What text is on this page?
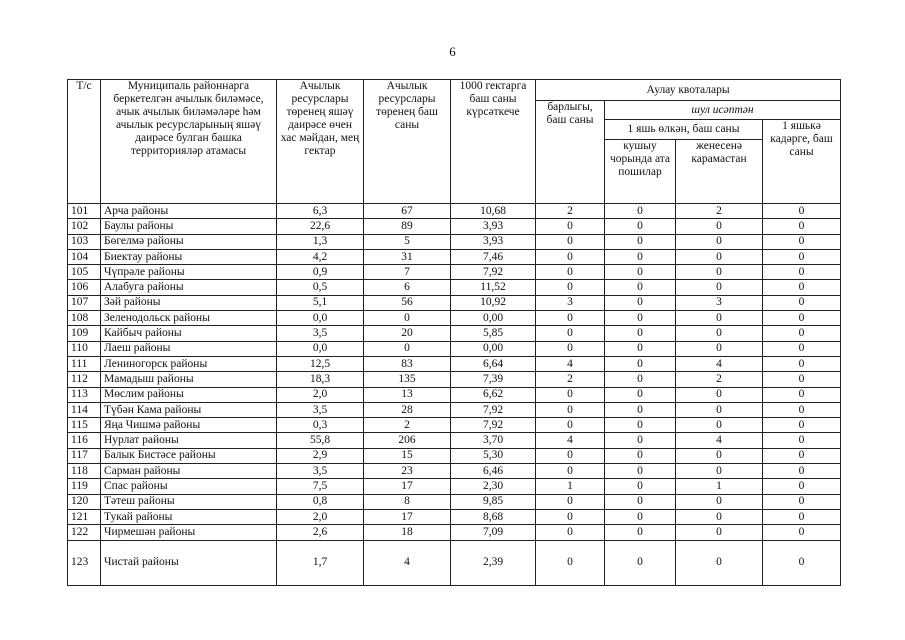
6
Т/с	Муниципаль районнарга беркетелгән ачылык биләмәсе, ачык ачылык биләмәләре һәм ачылык ресурсларының яшәү даирәсе булган башка территорияләр атамасы	Ачылык ресурслары төренең яшәү даирәсе өчен хас мәйдан, мең гектар	Ачылык ресурслары төренең баш саны	1000 гектарга баш саны күрсәткече	Аулау квоталары			
					барлыгы, баш саны	шул исәптән		
						1 яшь өлкән, баш саны		1 яшькә кадәрге, баш саны
						кушыу чорында ата пошилар	женесенә карамастан	
101	Арча районы	6,3	67	10,68	2	0	2	0
102	Баулы районы	22,6	89	3,93	0	0	0	0
103	Бөгелмә районы	1,3	5	3,93	0	0	0	0
104	Биектау районы	4,2	31	7,46	0	0	0	0
105	Чүпрәле районы	0,9	7	7,92	0	0	0	0
106	Алабуга районы	0,5	6	11,52	0	0	0	0
107	Зәй районы	5,1	56	10,92	3	0	3	0
108	Зеленодольск районы	0,0	0	0,00	0	0	0	0
109	Кайбыч районы	3,5	20	5,85	0	0	0	0
110	Лаеш районы	0,0	0	0,00	0	0	0	0
111	Лениногорск районы	12,5	83	6,64	4	0	4	0
112	Мамадыш районы	18,3	135	7,39	2	0	2	0
113	Мөслим районы	2,0	13	6,62	0	0	0	0
114	Түбән Кама районы	3,5	28	7,92	0	0	0	0
115	Яңа Чишмә районы	0,3	2	7,92	0	0	0	0
116	Нурлат районы	55,8	206	3,70	4	0	4	0
117	Балык Бистәсе районы	2,9	15	5,30	0	0	0	0
118	Сарман районы	3,5	23	6,46	0	0	0	0
119	Спас районы	7,5	17	2,30	1	0	1	0
120	Тәтеш районы	0,8	8	9,85	0	0	0	0
121	Тукай районы	2,0	17	8,68	0	0	0	0
122	Чирмешән районы	2,6	18	7,09	0	0	0	0
123	Чистай районы	1,7	4	2,39	0	0	0	0
